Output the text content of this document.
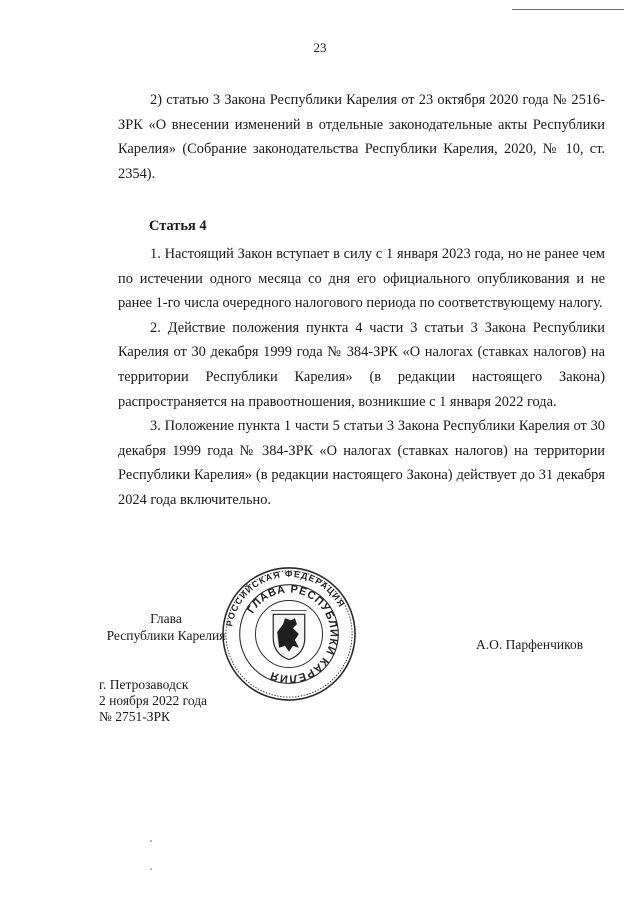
23

2) статью 3 Закона Республики Карелия от 23 октября 2020 года № 2516-ЗРК «О внесении изменений в отдельные законодательные акты Республики Карелия» (Собрание законодательства Республики Карелия, 2020, № 10, ст. 2354).

Статья 4

1. Настоящий Закон вступает в силу с 1 января 2023 года, но не ранее чем по истечении одного месяца со дня его официального опубликования и не ранее 1-го числа очередного налогового периода по соответствующему налогу.

2. Действие положения пункта 4 части 3 статьи 3 Закона Республики Карелия от 30 декабря 1999 года № 384-ЗРК «О налогах (ставках налогов) на территории Республики Карелия» (в редакции настоящего Закона) распространяется на правоотношения, возникшие с 1 января 2022 года.

3. Положение пункта 1 части 5 статьи 3 Закона Республики Карелия от 30 декабря 1999 года № 384-ЗРК «О налогах (ставках налогов) на территории Республики Карелия» (в редакции настоящего Закона) действует до 31 декабря 2024 года включительно.

РОССИЙСКАЯ ФЕДЕРАЦИЯ
ГЛАВА РЕСПУБЛИКИ КАРЕЛИЯ
Глава
Республики Карелия
А.О. Парфенчиков
г. Петрозаводск
2 ноября 2022 года
№ 2751-ЗРК
